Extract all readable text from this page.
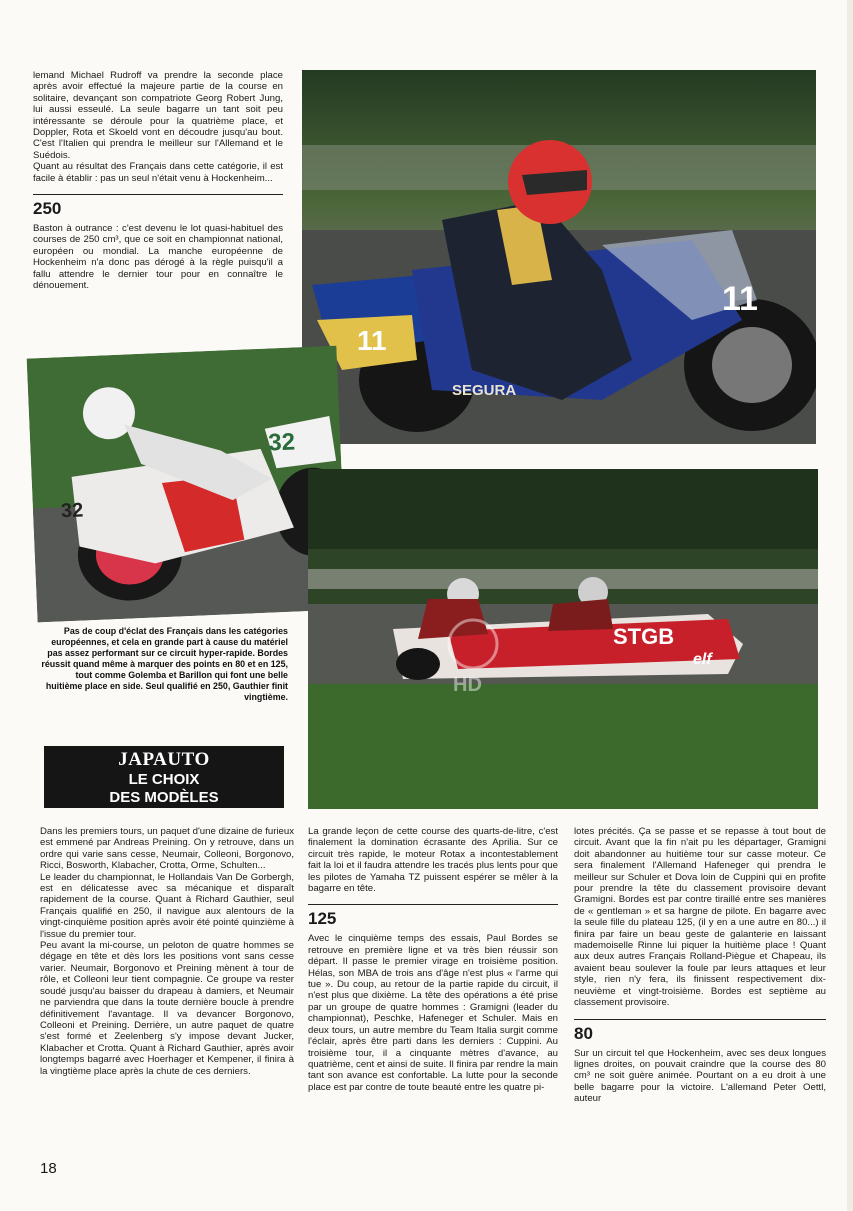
lemand Michael Rudroff va prendre la seconde place après avoir effectué la majeure partie de la course en solitaire, devançant son compatriote Georg Robert Jung, lui aussi esseulé. La seule bagarre un tant soit peu intéressante se déroule pour la quatrième place, et Doppler, Rota et Skoeld vont en découdre jusqu'au bout. C'est l'Italien qui prendra le meilleur sur l'Allemand et le Suédois.

Quant au résultat des Français dans cette catégorie, il est facile à établir : pas un seul n'était venu à Hockenheim...

250

Baston à outrance : c'est devenu le lot quasi-habituel des courses de 250 cm³, que ce soit en championnat national, européen ou mondial. La manche européenne de Hockenheim n'a donc pas dérogé à la règle puisqu'il a fallu attendre le dernier tour pour en connaître le dénouement.	11
11
SEGURA
32
32
STGB
elf
HD
Pas de coup d'éclat des Français dans les catégories européennes, et cela en grande part à cause du matériel pas assez performant sur ce circuit hyper-rapide. Bordes réussit quand même à marquer des points en 80 et en 125, tout comme Golemba et Barillon qui font une belle huitième place en side. Seul qualifié en 250, Gauthier finit vingtième.
JAPAUTO
LE CHOIX
DES MODÈLES

Dans les premiers tours, un paquet d'une dizaine de furieux est emmené par Andreas Preining. On y retrouve, dans un ordre qui varie sans cesse, Neumair, Colleoni, Borgonovo, Ricci, Bosworth, Klabacher, Crotta, Orme, Schulten...

Le leader du championnat, le Hollandais Van De Gorbergh, est en délicatesse avec sa mécanique et disparaît rapidement de la course. Quant à Richard Gauthier, seul Français qualifié en 250, il navigue aux alentours de la vingt-cinquième position après avoir été pointé quinzième à l'issue du premier tour.

Peu avant la mi-course, un peloton de quatre hommes se dégage en tête et dès lors les positions vont sans cesse varier. Neumair, Borgonovo et Preining mènent à tour de rôle, et Colleoni leur tient compagnie. Ce groupe va rester soudé jusqu'au baisser du drapeau à damiers, et Neumair ne parviendra que dans la toute dernière boucle à prendre définitivement l'avantage. Il va devancer Borgonovo, Colleoni et Preining. Derrière, un autre paquet de quatre s'est formé et Zeelenberg s'y impose devant Jucker, Klabacher et Crotta. Quant à Richard Gauthier, après avoir longtemps bagarré avec Hoerhager et Kempener, il finira à la vingtième place après la chute de ces derniers.

La grande leçon de cette course des quarts-de-litre, c'est finalement la domination écrasante des Aprilia. Sur ce circuit très rapide, le moteur Rotax a incontestablement fait la loi et il faudra attendre les tracés plus lents pour que les pilotes de Yamaha TZ puissent espérer se mêler à la bagarre en tête.

125

Avec le cinquième temps des essais, Paul Bordes se retrouve en première ligne et va très bien réussir son départ. Il passe le premier virage en troisième position. Hélas, son MBA de trois ans d'âge n'est plus « l'arme qui tue ». Du coup, au retour de la partie rapide du circuit, il n'est plus que dixième. La tête des opérations a été prise par un groupe de quatre hommes : Gramigni (leader du championnat), Peschke, Hafeneger et Schuler. Mais en deux tours, un autre membre du Team Italia surgit comme l'éclair, après être parti dans les derniers : Cuppini. Au troisième tour, il a cinquante mètres d'avance, au quatrième, cent et ainsi de suite. Il finira par rendre la main tant son avance est confortable. La lutte pour la seconde place est par contre de toute beauté entre les quatre pi-

lotes précités. Ça se passe et se repasse à tout bout de circuit. Avant que la fin n'ait pu les départager, Gramigni doit abandonner au huitième tour sur casse moteur. Ce sera finalement l'Allemand Hafeneger qui prendra le meilleur sur Schuler et Dova loin de Cuppini qui en profite pour prendre la tête du classement provisoire devant Gramigni. Bordes est par contre tiraillé entre ses manières de « gentleman » et sa hargne de pilote. En bagarre avec la seule fille du plateau 125, (il y en a une autre en 80...) il finira par faire un beau geste de galanterie en laissant mademoiselle Rinne lui piquer la huitième place ! Quant aux deux autres Français Rolland-Piègue et Chapeau, ils avaient beau soulever la foule par leurs attaques et leur style, rien n'y fera, ils finissent respectivement dix-neuvième et vingt-troisième. Bordes est septième au classement provisoire.

80

Sur un circuit tel que Hockenheim, avec ses deux longues lignes droites, on pouvait craindre que la course des 80 cm³ ne soit guère animée. Pourtant on a eu droit à une belle bagarre pour la victoire. L'allemand Peter Oettl, auteur

18
